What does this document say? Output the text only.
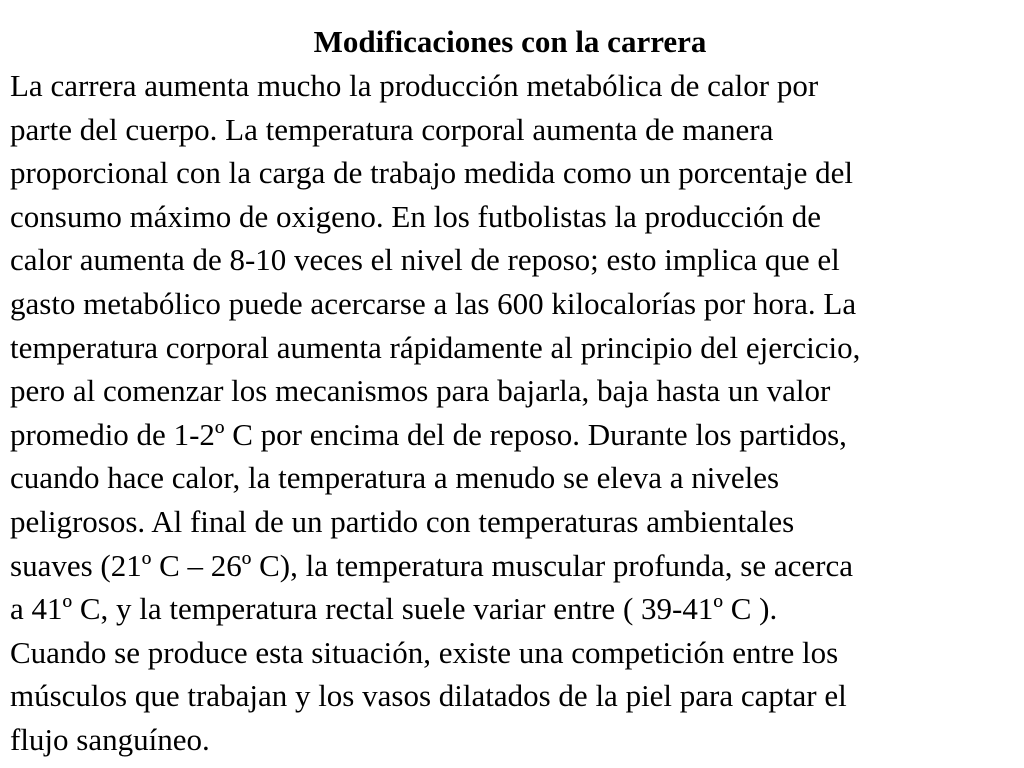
Modificaciones con la carrera

La carrera aumenta mucho la producción metabólica de calor por
parte del cuerpo. La temperatura corporal aumenta de manera
proporcional con la carga de trabajo medida como un porcentaje del
consumo máximo de oxigeno. En los futbolistas la producción de
calor aumenta de 8-10 veces el nivel de reposo; esto implica que el
gasto metabólico puede acercarse a las 600 kilocalorías por hora. La
temperatura corporal aumenta rápidamente al principio del ejercicio,
pero al comenzar los mecanismos para bajarla, baja hasta un valor
promedio de 1-2º C por encima del de reposo. Durante los partidos,
cuando hace calor, la temperatura a menudo se eleva a niveles
peligrosos. Al final de un partido con temperaturas ambientales
suaves (21º C – 26º C), la temperatura muscular profunda, se acerca
a 41º C, y la temperatura rectal suele variar entre ( 39-41º C ).
Cuando se produce esta situación, existe una competición entre los
músculos que trabajan y los vasos dilatados de la piel para captar el
flujo sanguíneo.
